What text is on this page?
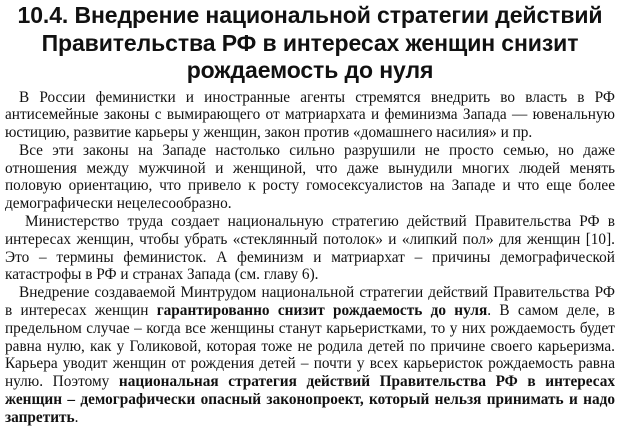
10.4. Внедрение национальной стратегии действий
Правительства РФ в интересах женщин снизит
рождаемость до нуля

В России феминистки и иностранные агенты стремятся внедрить во власть в РФ антисемейные законы с вымирающего от матриархата и феминизма Запада — ювенальную юстицию, развитие карьеры у женщин, закон против «домашнего насилия» и пр.

Все эти законы на Западе настолько сильно разрушили не просто семью, но даже отношения между мужчиной и женщиной, что даже вынудили многих людей менять половую ориентацию, что привело к росту гомосексуалистов на Западе и что еще более демографически нецелесообразно.

Министерство труда создает национальную стратегию действий Правительства РФ в интересах женщин, чтобы убрать «стеклянный потолок» и «липкий пол» для женщин [10]. Это – термины феминисток. А феминизм и матриархат – причины демографической катастрофы в РФ и странах Запада (см. главу 6).

Внедрение создаваемой Минтрудом национальной стратегии действий Правительства РФ в интересах женщин гарантированно снизит рождаемость до нуля. В самом деле, в предельном случае – когда все женщины станут карьеристками, то у них рождаемость будет равна нулю, как у Голиковой, которая тоже не родила детей по причине своего карьеризма. Карьера уводит женщин от рождения детей – почти у всех карьеристок рождаемость равна нулю. Поэтому национальная стратегия действий Правительства РФ в интересах женщин – демографически опасный законопроект, который нельзя принимать и надо запретить.
